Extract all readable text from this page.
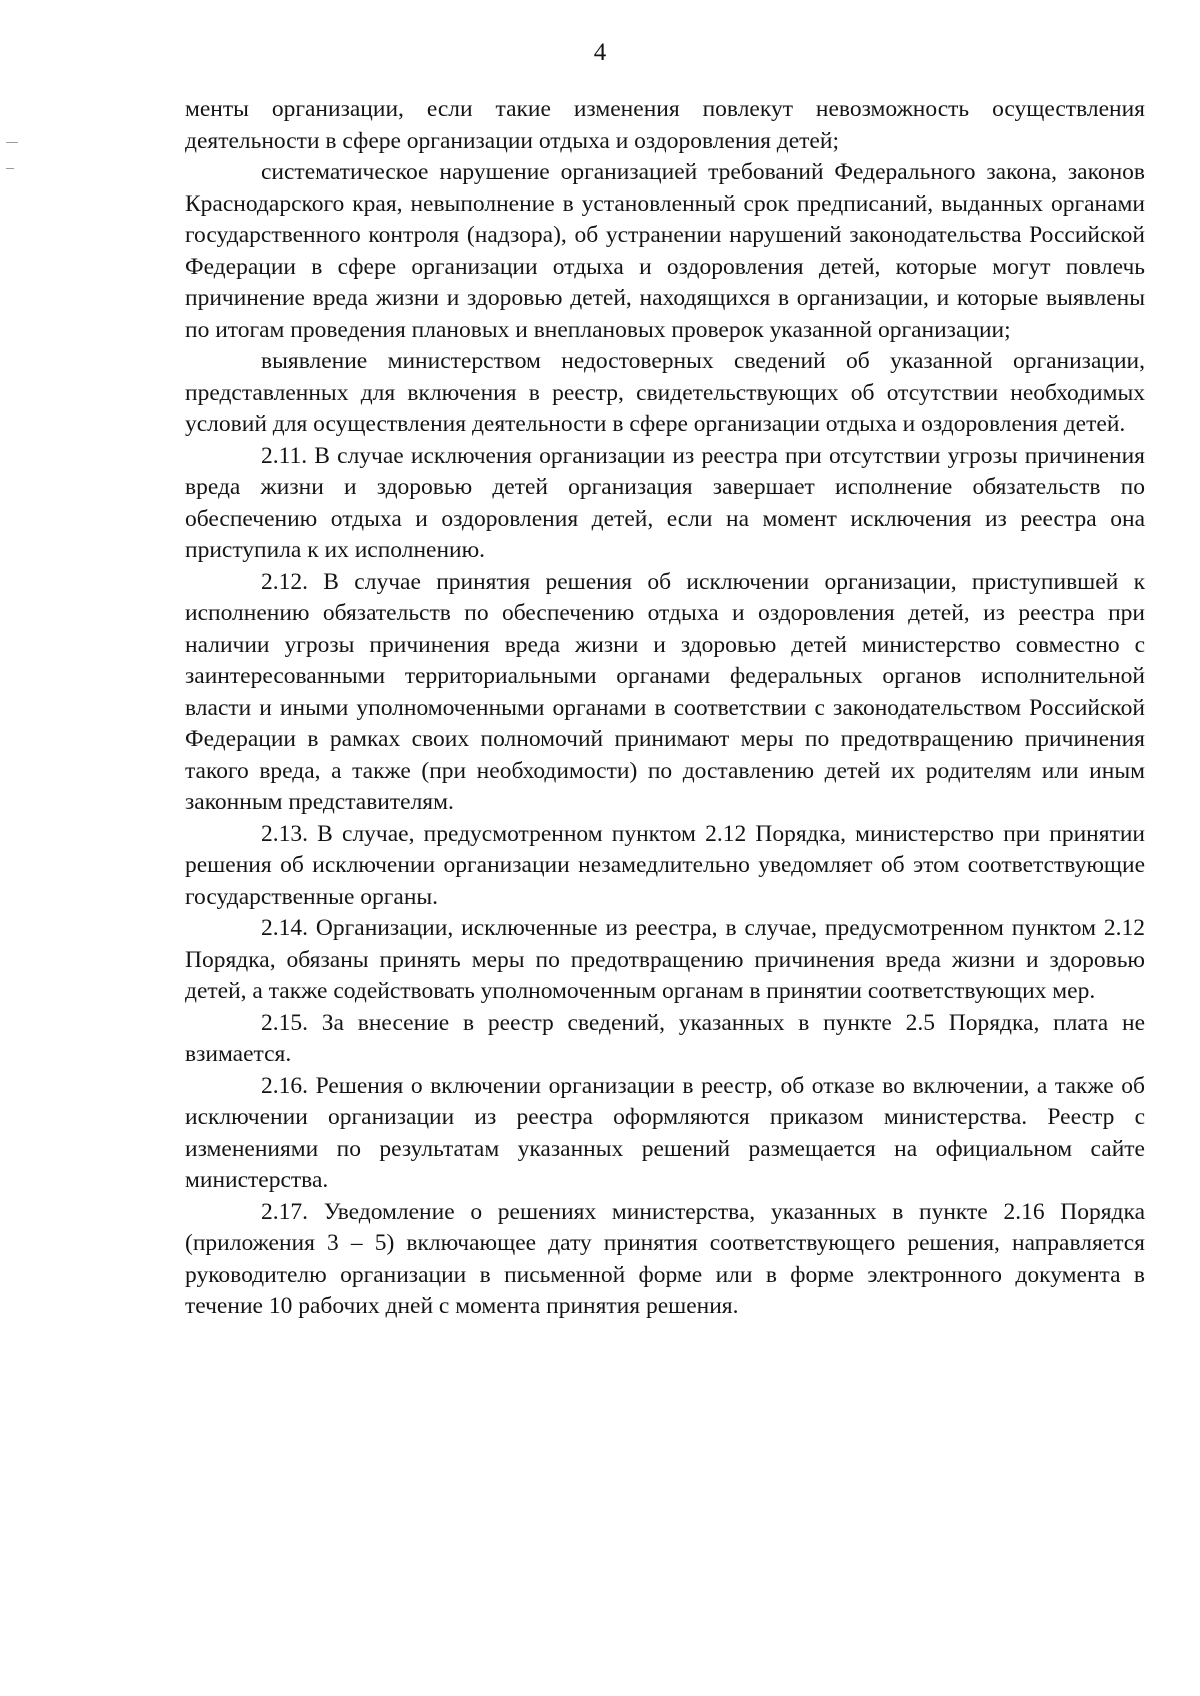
4

менты организации, если такие изменения повлекут невозможность осуществления деятельности в сфере организации отдыха и оздоровления детей;

систематическое нарушение организацией требований Федерального закона, законов Краснодарского края, невыполнение в установленный срок предписаний, выданных органами государственного контроля (надзора), об устранении нарушений законодательства Российской Федерации в сфере организации отдыха и оздоровления детей, которые могут повлечь причинение вреда жизни и здоровью детей, находящихся в организации, и которые выявлены по итогам проведения плановых и внеплановых проверок указанной организации;

выявление министерством недостоверных сведений об указанной организации, представленных для включения в реестр, свидетельствующих об отсутствии необходимых условий для осуществления деятельности в сфере организации отдыха и оздоровления детей.

2.11. В случае исключения организации из реестра при отсутствии угрозы причинения вреда жизни и здоровью детей организация завершает исполнение обязательств по обеспечению отдыха и оздоровления детей, если на момент исключения из реестра она приступила к их исполнению.

2.12. В случае принятия решения об исключении организации, приступившей к исполнению обязательств по обеспечению отдыха и оздоровления детей, из реестра при наличии угрозы причинения вреда жизни и здоровью детей министерство совместно с заинтересованными территориальными органами федеральных органов исполнительной власти и иными уполномоченными органами в соответствии с законодательством Российской Федерации в рамках своих полномочий принимают меры по предотвращению причинения такого вреда, а также (при необходимости) по доставлению детей их родителям или иным законным представителям.

2.13. В случае, предусмотренном пунктом 2.12 Порядка, министерство при принятии решения об исключении организации незамедлительно уведомляет об этом соответствующие государственные органы.

2.14. Организации, исключенные из реестра, в случае, предусмотренном пунктом 2.12 Порядка, обязаны принять меры по предотвращению причинения вреда жизни и здоровью детей, а также содействовать уполномоченным органам в принятии соответствующих мер.

2.15. За внесение в реестр сведений, указанных в пункте 2.5 Порядка, плата не взимается.

2.16. Решения о включении организации в реестр, об отказе во включении, а также об исключении организации из реестра оформляются приказом министерства. Реестр с изменениями по результатам указанных решений размещается на официальном сайте министерства.

2.17. Уведомление о решениях министерства, указанных в пункте 2.16 Порядка (приложения 3 – 5) включающее дату принятия соответствующего решения, направляется руководителю организации в письменной форме или в форме электронного документа в течение 10 рабочих дней с момента принятия решения.
